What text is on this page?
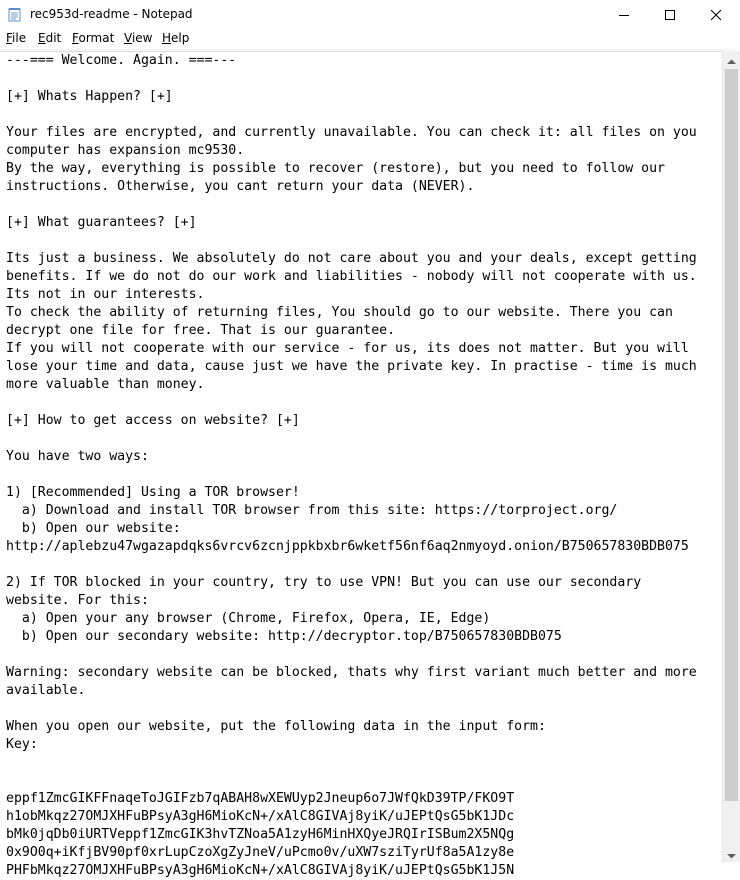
rec953d-readme - Notepad
File Edit Format View Help
---=== Welcome. Again. ===---

[+] Whats Happen? [+]

Your files are encrypted, and currently unavailable. You can check it: all files on you
computer has expansion mc9530.
By the way, everything is possible to recover (restore), but you need to follow our
instructions. Otherwise, you cant return your data (NEVER).

[+] What guarantees? [+]

Its just a business. We absolutely do not care about you and your deals, except getting
benefits. If we do not do our work and liabilities - nobody will not cooperate with us.
Its not in our interests.
To check the ability of returning files, You should go to our website. There you can
decrypt one file for free. That is our guarantee.
If you will not cooperate with our service - for us, its does not matter. But you will
lose your time and data, cause just we have the private key. In practise - time is much
more valuable than money.

[+] How to get access on website? [+]

You have two ways:

1) [Recommended] Using a TOR browser!
a) Download and install TOR browser from this site: https://torproject.org/
b) Open our website:
http://aplebzu47wgazapdqks6vrcv6zcnjppkbxbr6wketf56nf6aq2nmyoyd.onion/B750657830BDB075

2) If TOR blocked in your country, try to use VPN! But you can use our secondary
website. For this:
a) Open your any browser (Chrome, Firefox, Opera, IE, Edge)
b) Open our secondary website: http://decryptor.top/B750657830BDB075

Warning: secondary website can be blocked, thats why first variant much better and more
available.

When you open our website, put the following data in the input form:
Key:

eppf1ZmcGIKFFnaqeToJGIFzb7qABAH8wXEWUyp2Jneup6o7JWfQkD39TP/FKO9T
h1obMkqz27OMJXHFuBPsyA3gH6MioKcN+/xAlC8GIVAj8yiK/uJEPtQsG5bK1JDc
bMk0jqDb0iURTVeppf1ZmcGIK3hvTZNoa5A1zyH6MinHXQyeJRQIrISBum2X5NQg
0x9O0q+iKfjBV90pf0xrLupCzoXgZyJneV/uPcmo0v/uXW7sziTyrUf8a5A1zy8e
PHFbMkqz27OMJXHFuBPsyA3gH6MioKcN+/xAlC8GIVAj8yiK/uJEPtQsG5bK1J5N
